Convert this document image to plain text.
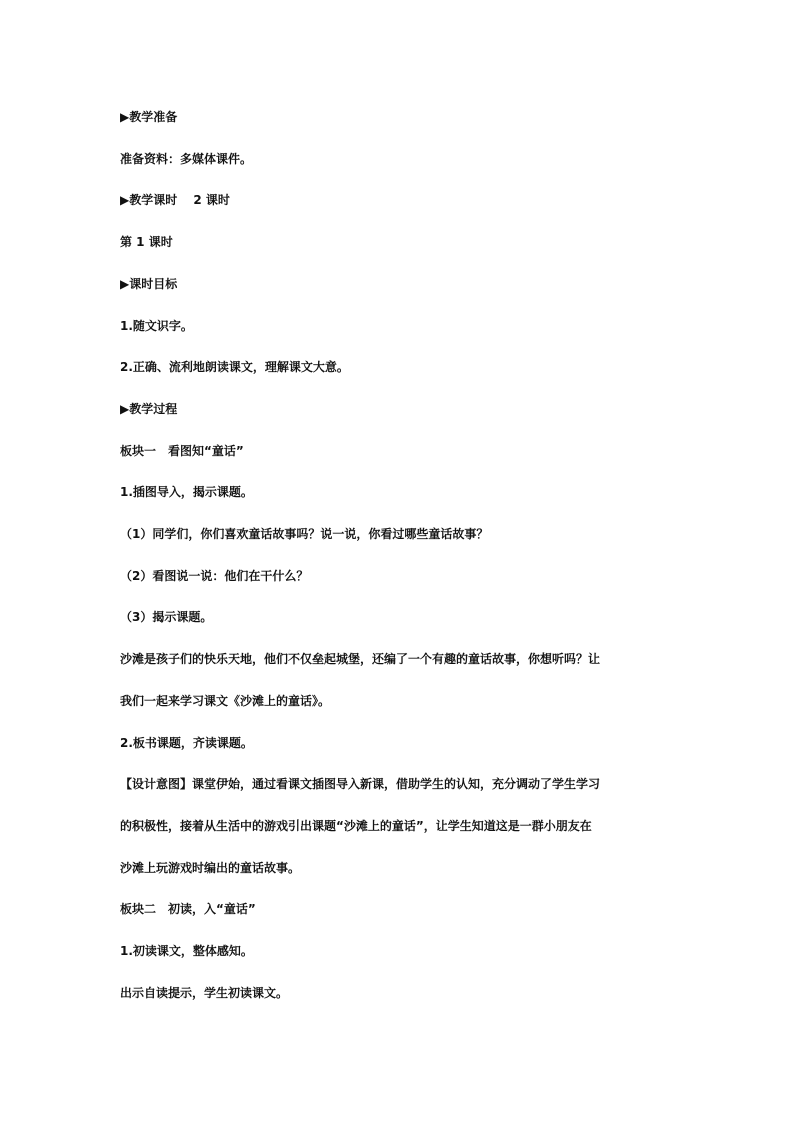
▶教学准备
准备资料：多媒体课件。
▶教学课时　 2 课时
第 1 课时
▶课时目标
1.随文识字。
2.正确、流利地朗读课文，理解课文大意。
▶教学过程
板块一　看图知“童话”
1.插图导入，揭示课题。
（1）同学们，你们喜欢童话故事吗？说一说，你看过哪些童话故事？
（2）看图说一说：他们在干什么？
（3）揭示课题。
沙滩是孩子们的快乐天地，他们不仅垒起城堡，还编了一个有趣的童话故事，你想听吗？让
我们一起来学习课文《沙滩上的童话》。
2.板书课题，齐读课题。
【设计意图】课堂伊始，通过看课文插图导入新课，借助学生的认知，充分调动了学生学习
的积极性，接着从生活中的游戏引出课题“沙滩上的童话”，让学生知道这是一群小朋友在
沙滩上玩游戏时编出的童话故事。
板块二　初读，入“童话”
1.初读课文，整体感知。
出示自读提示，学生初读课文。
